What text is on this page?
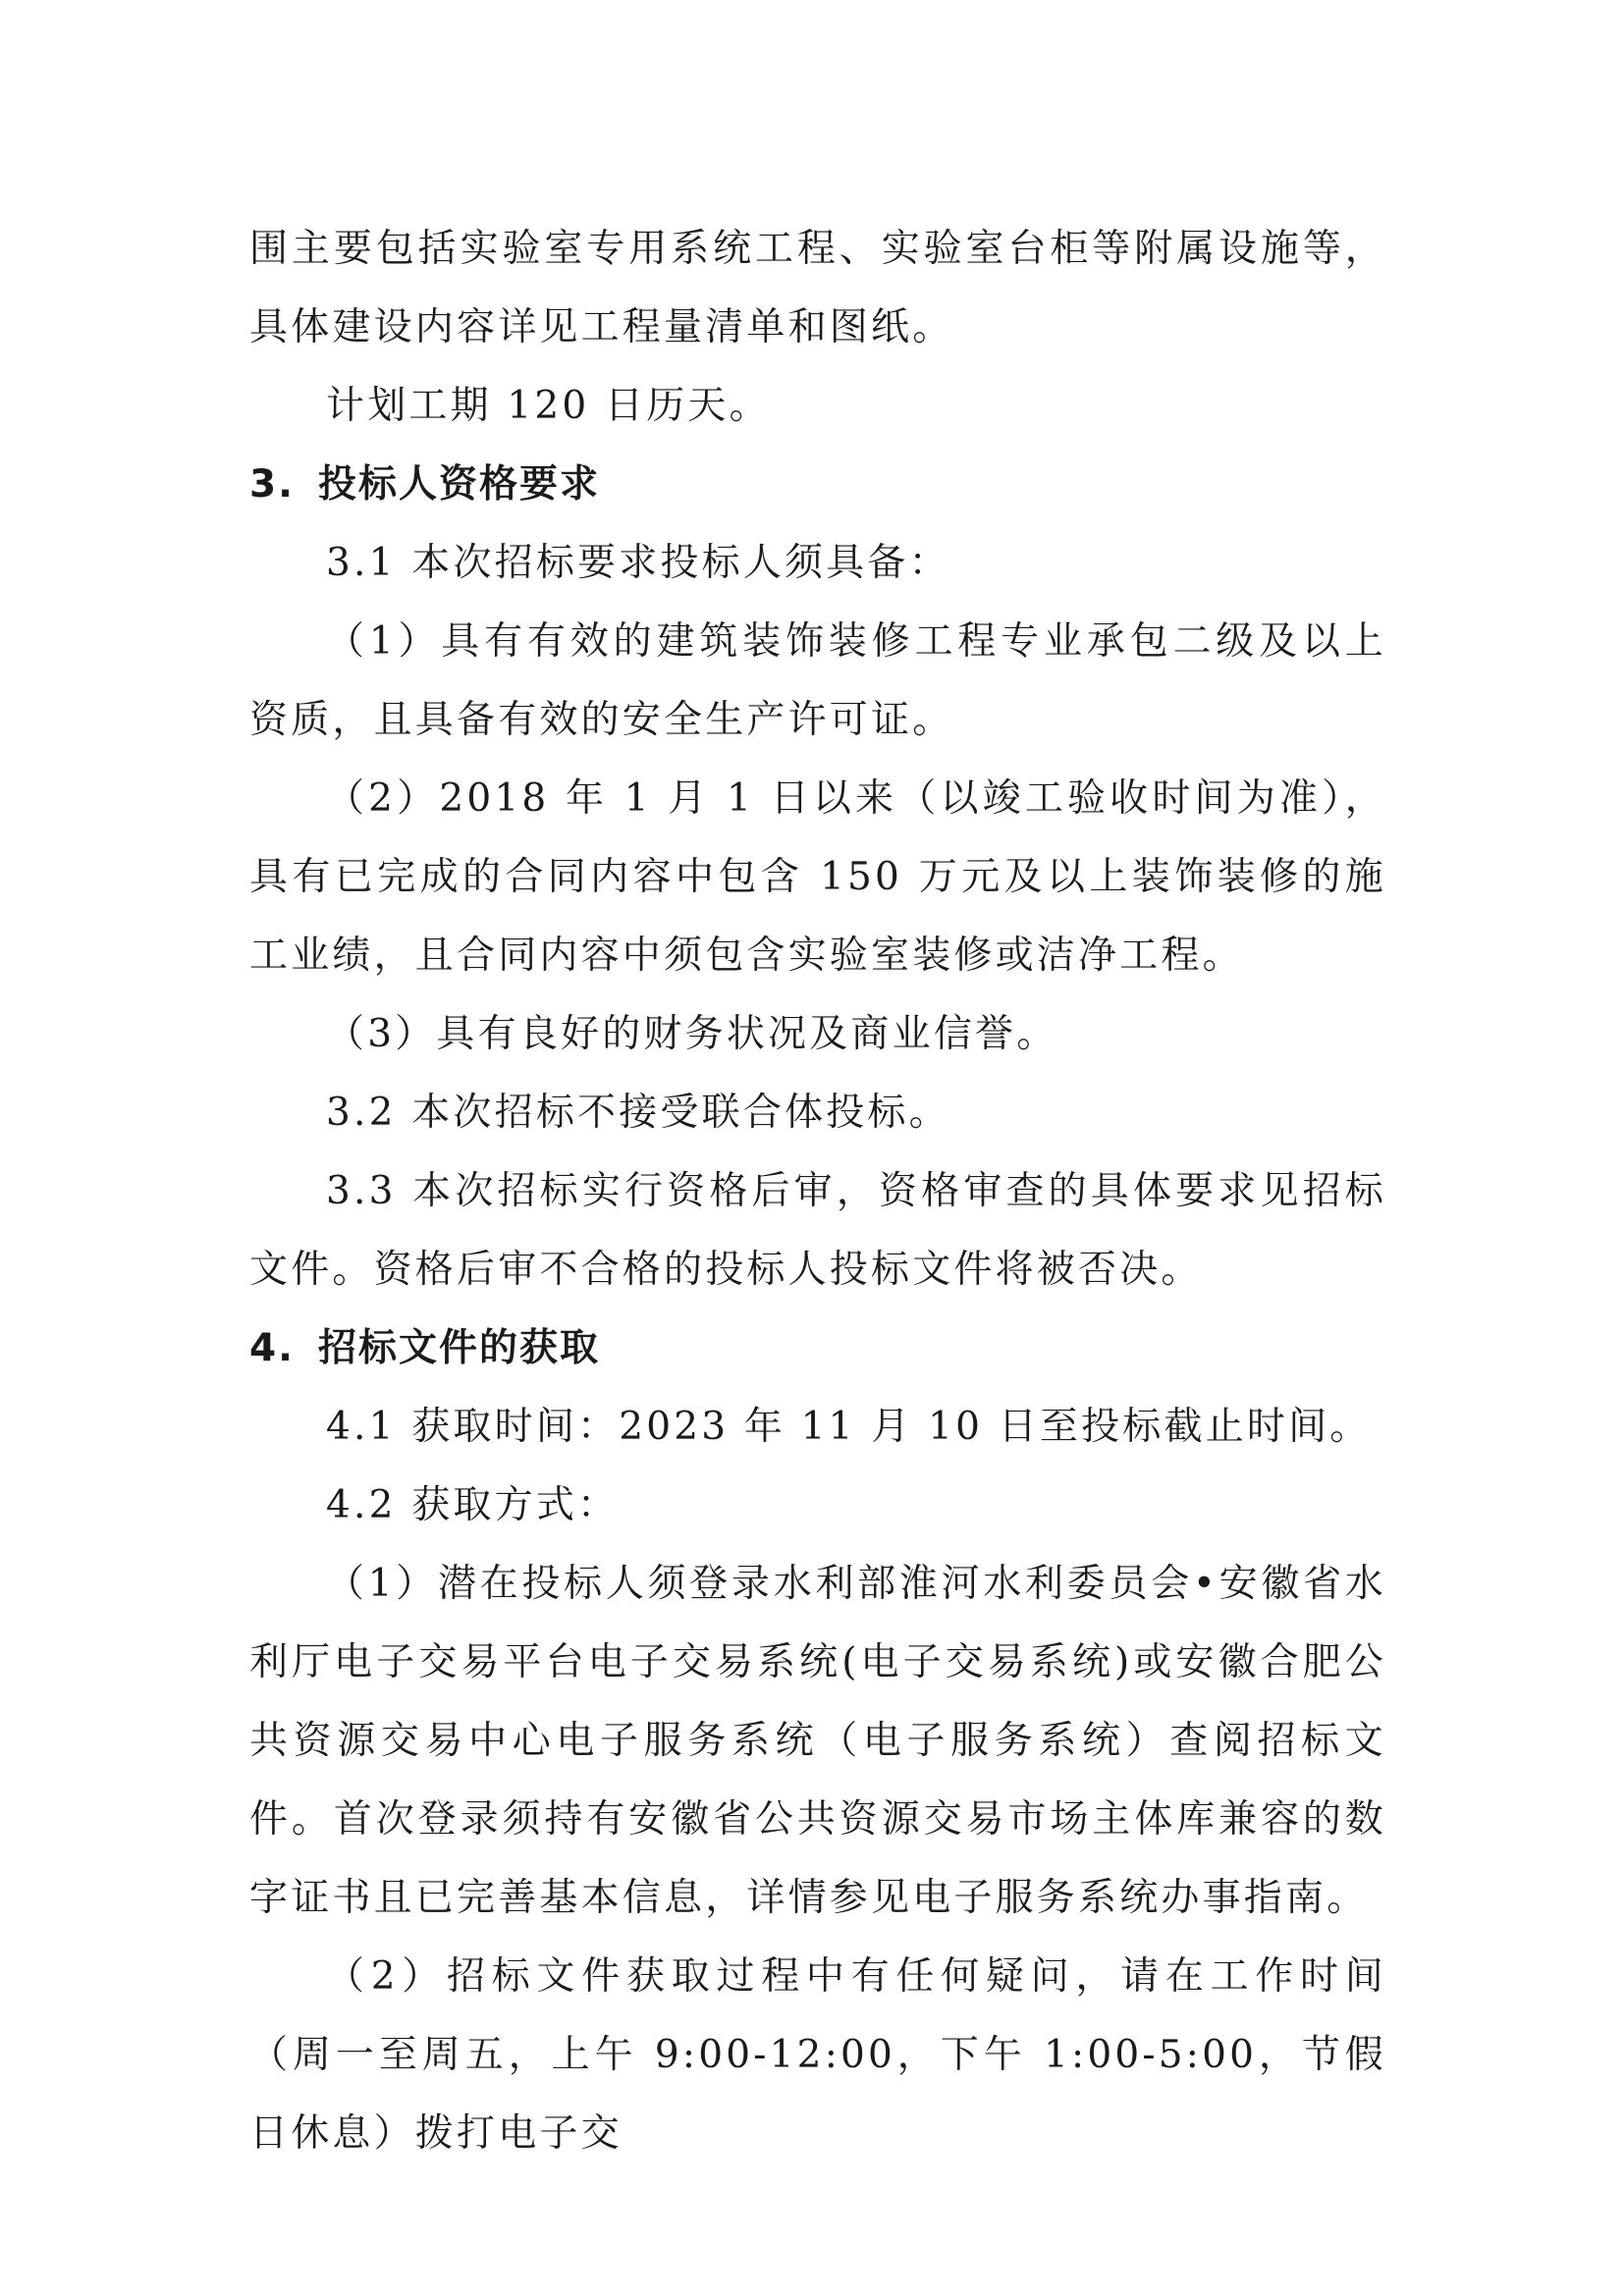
围主要包括实验室专用系统工程、实验室台柜等附属设施等，具体建设内容详见工程量清单和图纸。

计划工期 120 日历天。

3. 投标人资格要求

3.1 本次招标要求投标人须具备：

（1）具有有效的建筑装饰装修工程专业承包二级及以上资质，且具备有效的安全生产许可证。

（2）2018 年 1 月 1 日以来（以竣工验收时间为准），具有已完成的合同内容中包含 150 万元及以上装饰装修的施工业绩，且合同内容中须包含实验室装修或洁净工程。

（3）具有良好的财务状况及商业信誉。

3.2 本次招标不接受联合体投标。

3.3 本次招标实行资格后审，资格审查的具体要求见招标文件。资格后审不合格的投标人投标文件将被否决。

4. 招标文件的获取

4.1 获取时间：2023 年 11 月 10 日至投标截止时间。

4.2 获取方式：

（1）潜在投标人须登录水利部淮河水利委员会•安徽省水利厅电子交易平台电子交易系统(电子交易系统)或安徽合肥公共资源交易中心电子服务系统（电子服务系统）查阅招标文件。首次登录须持有安徽省公共资源交易市场主体库兼容的数字证书且已完善基本信息，详情参见电子服务系统办事指南。

（2）招标文件获取过程中有任何疑问，请在工作时间（周一至周五，上午 9:00-12:00，下午 1:00-5:00，节假日休息）拨打电子交
